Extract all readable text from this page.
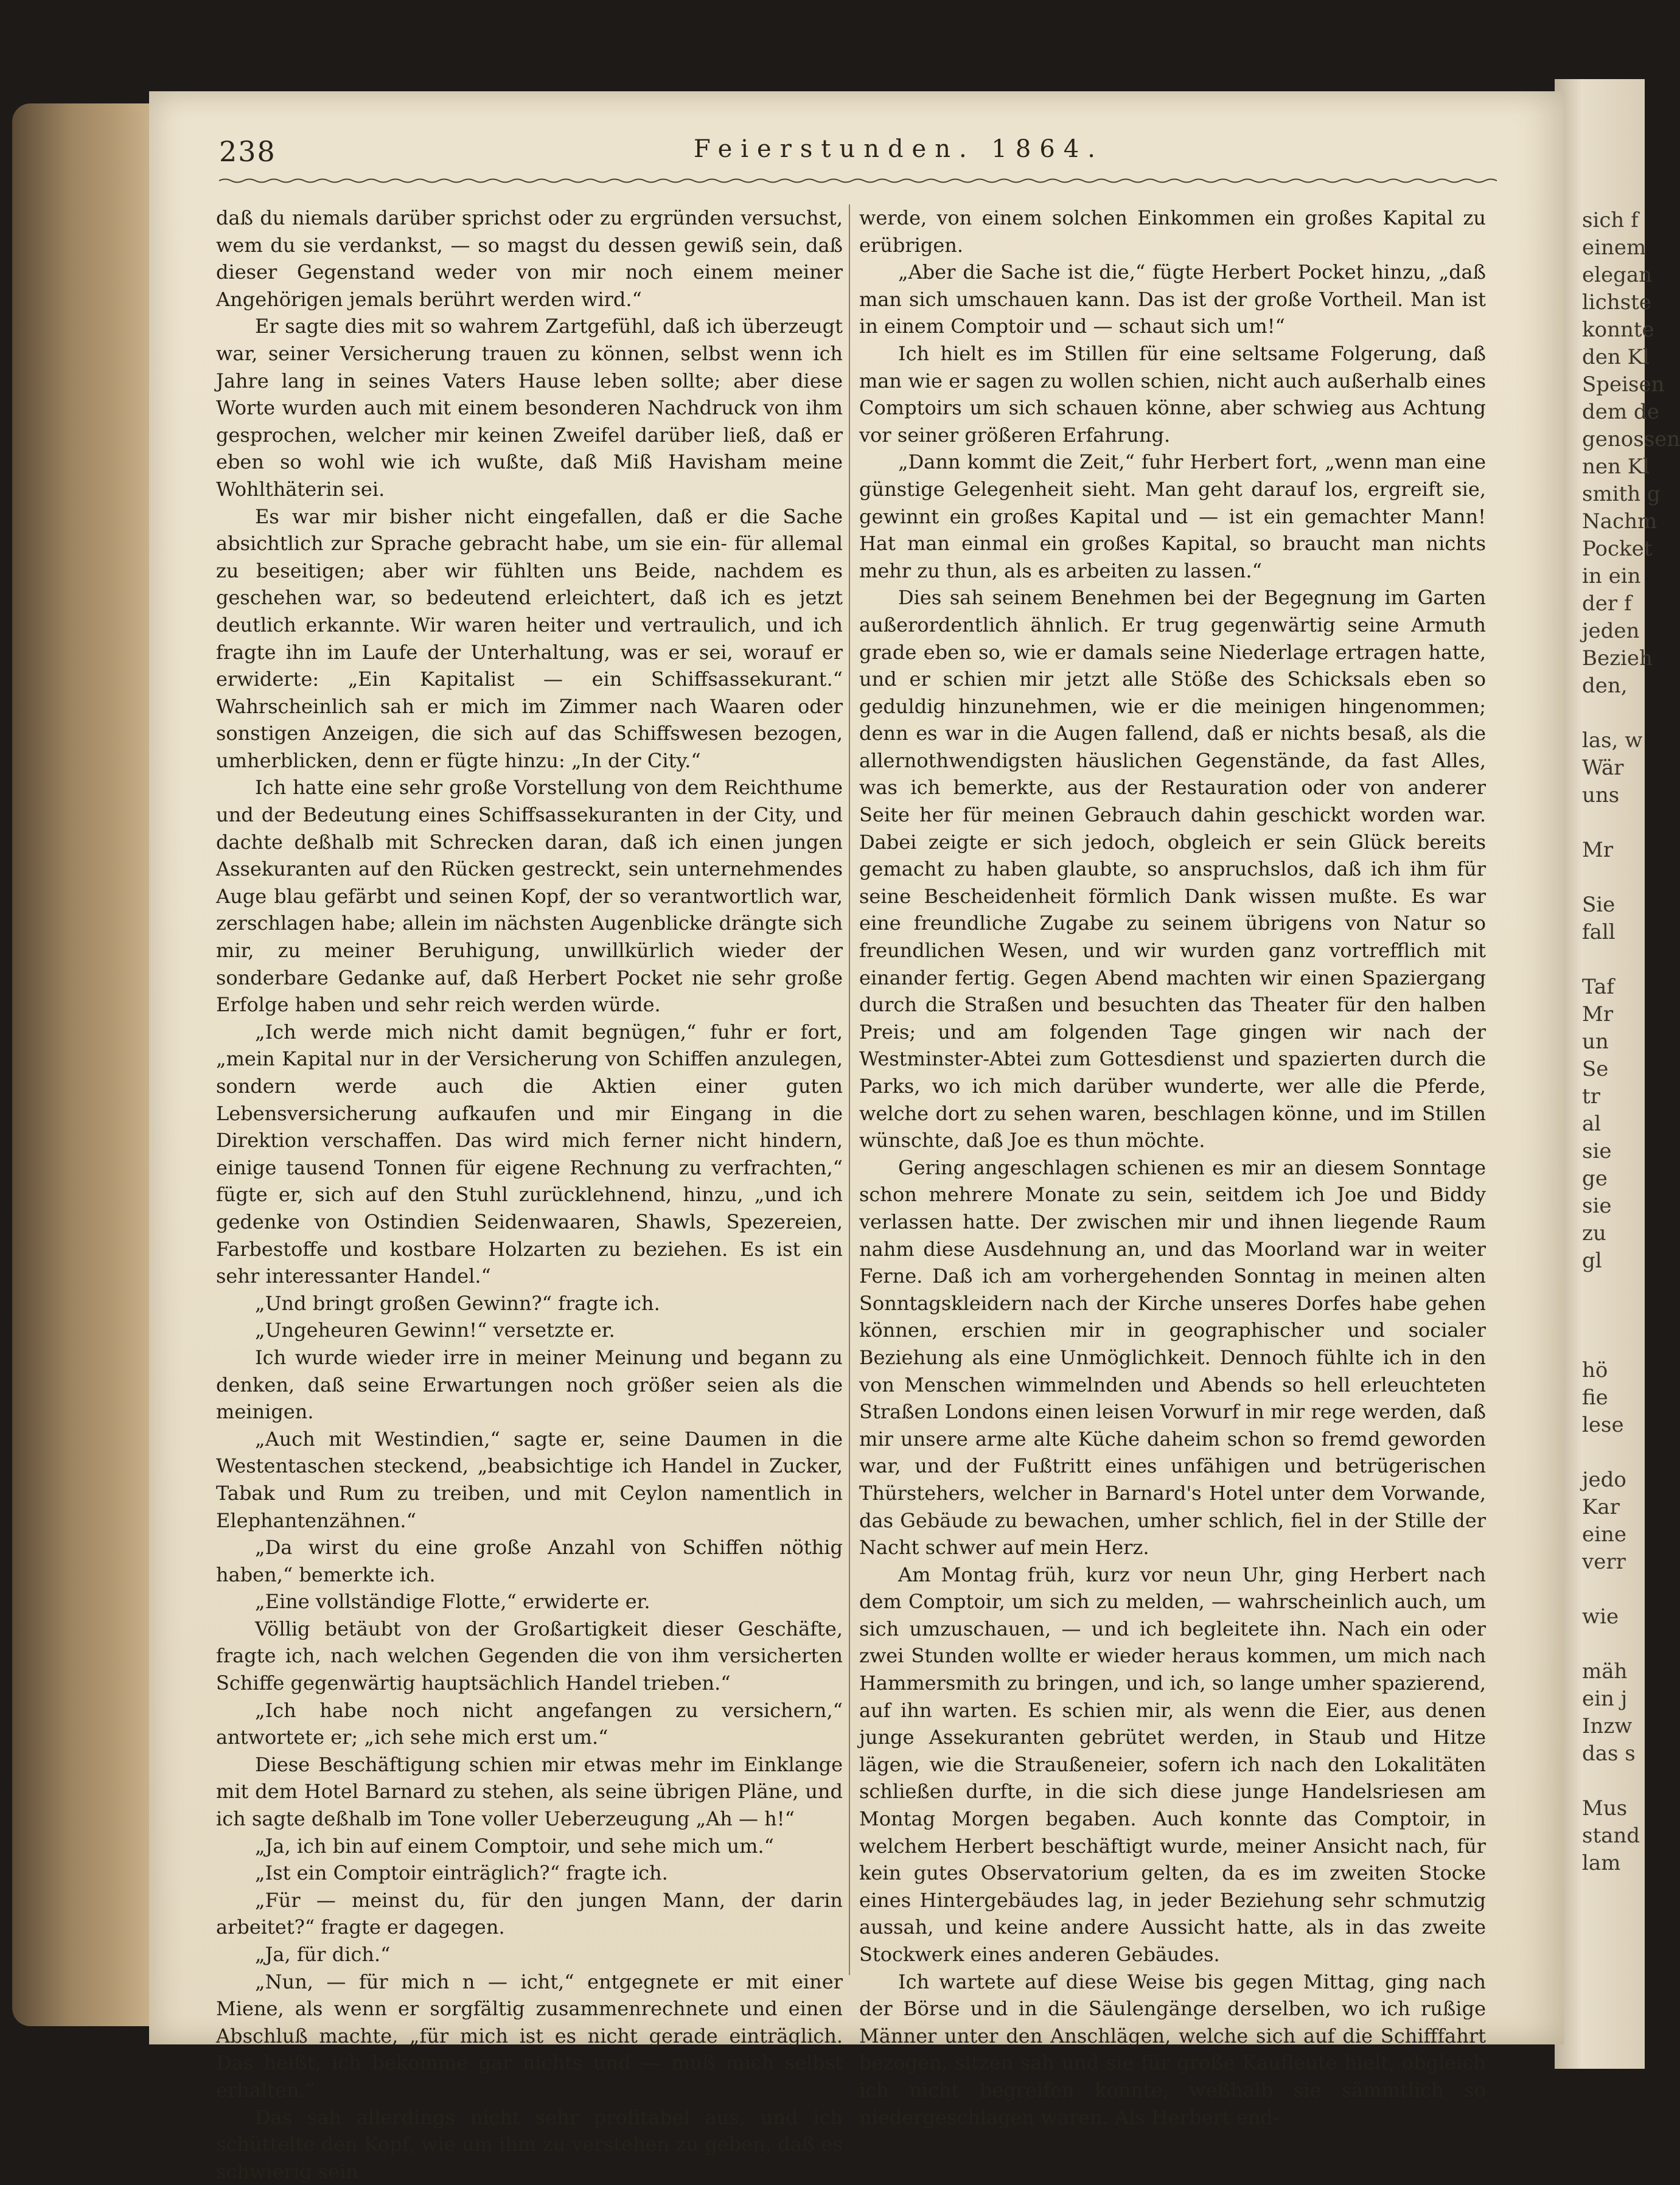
sich f
einem
elegan
lichste
konnte
den Kl
Speisen
dem de
genossen
nen Kl
smith g
Nachm
Pocket
in ein
der f
jeden
Bezieh
den,

las, w
Wär
uns

Mr

Sie
fall

Taf
Mr
un
Se
tr
al
sie
ge
sie
zu
gl

hö
fie
lese

jedo
Kar
eine
verr

wie

mäh
ein j
Inzw
das s

Mus
stand
lam
238	Feierstunden. 1864.

daß du niemals darüber sprichst oder zu ergründen versuchst, wem du sie verdankst, — so magst du dessen gewiß sein, daß dieser Gegenstand weder von mir noch einem meiner Angehörigen jemals berührt werden wird.“

Er sagte dies mit so wahrem Zartgefühl, daß ich überzeugt war, seiner Versicherung trauen zu können, selbst wenn ich Jahre lang in seines Vaters Hause leben sollte; aber diese Worte wurden auch mit einem besonderen Nachdruck von ihm gesprochen, welcher mir keinen Zweifel darüber ließ, daß er eben so wohl wie ich wußte, daß Miß Havisham meine Wohlthäterin sei.

Es war mir bisher nicht eingefallen, daß er die Sache absichtlich zur Sprache gebracht habe, um sie ein- für allemal zu beseitigen; aber wir fühlten uns Beide, nachdem es geschehen war, so bedeutend erleichtert, daß ich es jetzt deutlich erkannte. Wir waren heiter und vertraulich, und ich fragte ihn im Laufe der Unterhaltung, was er sei, worauf er erwiderte: „Ein Kapitalist — ein Schiffsassekurant.“ Wahrscheinlich sah er mich im Zimmer nach Waaren oder sonstigen Anzeigen, die sich auf das Schiffswesen bezogen, umherblicken, denn er fügte hinzu: „In der City.“

Ich hatte eine sehr große Vorstellung von dem Reichthume und der Bedeutung eines Schiffsassekuranten in der City, und dachte deßhalb mit Schrecken daran, daß ich einen jungen Assekuranten auf den Rücken gestreckt, sein unternehmendes Auge blau gefärbt und seinen Kopf, der so verantwortlich war, zerschlagen habe; allein im nächsten Augenblicke drängte sich mir, zu meiner Beruhigung, unwillkürlich wieder der sonderbare Gedanke auf, daß Herbert Pocket nie sehr große Erfolge haben und sehr reich werden würde.

„Ich werde mich nicht damit begnügen,“ fuhr er fort, „mein Kapital nur in der Versicherung von Schiffen anzulegen, sondern werde auch die Aktien einer guten Lebensversicherung aufkaufen und mir Eingang in die Direktion verschaffen. Das wird mich ferner nicht hindern, einige tausend Tonnen für eigene Rechnung zu verfrachten,“ fügte er, sich auf den Stuhl zurücklehnend, hinzu, „und ich gedenke von Ostindien Seidenwaaren, Shawls, Spezereien, Farbestoffe und kostbare Holzarten zu beziehen. Es ist ein sehr interessanter Handel.“

„Und bringt großen Gewinn?“ fragte ich.

„Ungeheuren Gewinn!“ versetzte er.

Ich wurde wieder irre in meiner Meinung und begann zu denken, daß seine Erwartungen noch größer seien als die meinigen.

„Auch mit Westindien,“ sagte er, seine Daumen in die Westentaschen steckend, „beabsichtige ich Handel in Zucker, Tabak und Rum zu treiben, und mit Ceylon namentlich in Elephantenzähnen.“

„Da wirst du eine große Anzahl von Schiffen nöthig haben,“ bemerkte ich.

„Eine vollständige Flotte,“ erwiderte er.

Völlig betäubt von der Großartigkeit dieser Geschäfte, fragte ich, nach welchen Gegenden die von ihm versicherten Schiffe gegenwärtig hauptsächlich Handel trieben.“

„Ich habe noch nicht angefangen zu versichern,“ antwortete er; „ich sehe mich erst um.“

Diese Beschäftigung schien mir etwas mehr im Einklange mit dem Hotel Barnard zu stehen, als seine übrigen Pläne, und ich sagte deßhalb im Tone voller Ueberzeugung „Ah — h!“

„Ja, ich bin auf einem Comptoir, und sehe mich um.“

„Ist ein Comptoir einträglich?“ fragte ich.

„Für — meinst du, für den jungen Mann, der darin arbeitet?“ fragte er dagegen.

„Ja, für dich.“

„Nun, — für mich n — icht,“ entgegnete er mit einer Miene, als wenn er sorgfältig zusammenrechnete und einen Abschluß machte, „für mich ist es nicht gerade einträglich. Das heißt, ich bekomme gar nichts und — muß mich selbst erhalten.“

Das sah allerdings nicht sehr profitabel aus, und ich schüttelte den Kopf, wie um ihm zu verstehen zu geben, daß es schwierig sein

werde, von einem solchen Einkommen ein großes Kapital zu erübrigen.

„Aber die Sache ist die,“ fügte Herbert Pocket hinzu, „daß man sich umschauen kann. Das ist der große Vortheil. Man ist in einem Comptoir und — schaut sich um!“

Ich hielt es im Stillen für eine seltsame Folgerung, daß man wie er sagen zu wollen schien, nicht auch außerhalb eines Comptoirs um sich schauen könne, aber schwieg aus Achtung vor seiner größeren Erfahrung.

„Dann kommt die Zeit,“ fuhr Herbert fort, „wenn man eine günstige Gelegenheit sieht. Man geht darauf los, ergreift sie, gewinnt ein großes Kapital und — ist ein gemachter Mann! Hat man einmal ein großes Kapital, so braucht man nichts mehr zu thun, als es arbeiten zu lassen.“

Dies sah seinem Benehmen bei der Begegnung im Garten außerordentlich ähnlich. Er trug gegenwärtig seine Armuth grade eben so, wie er damals seine Niederlage ertragen hatte, und er schien mir jetzt alle Stöße des Schicksals eben so geduldig hinzunehmen, wie er die meinigen hingenommen; denn es war in die Augen fallend, daß er nichts besaß, als die allernothwendigsten häuslichen Gegenstände, da fast Alles, was ich bemerkte, aus der Restauration oder von anderer Seite her für meinen Gebrauch dahin geschickt worden war. Dabei zeigte er sich jedoch, obgleich er sein Glück bereits gemacht zu haben glaubte, so anspruchslos, daß ich ihm für seine Bescheidenheit förmlich Dank wissen mußte. Es war eine freundliche Zugabe zu seinem übrigens von Natur so freundlichen Wesen, und wir wurden ganz vortrefflich mit einander fertig. Gegen Abend machten wir einen Spaziergang durch die Straßen und besuchten das Theater für den halben Preis; und am folgenden Tage gingen wir nach der Westminster-Abtei zum Gottesdienst und spazierten durch die Parks, wo ich mich darüber wunderte, wer alle die Pferde, welche dort zu sehen waren, beschlagen könne, und im Stillen wünschte, daß Joe es thun möchte.

Gering angeschlagen schienen es mir an diesem Sonntage schon mehrere Monate zu sein, seitdem ich Joe und Biddy verlassen hatte. Der zwischen mir und ihnen liegende Raum nahm diese Ausdehnung an, und das Moorland war in weiter Ferne. Daß ich am vorhergehenden Sonntag in meinen alten Sonntagskleidern nach der Kirche unseres Dorfes habe gehen können, erschien mir in geographischer und socialer Beziehung als eine Unmöglichkeit. Dennoch fühlte ich in den von Menschen wimmelnden und Abends so hell erleuchteten Straßen Londons einen leisen Vorwurf in mir rege werden, daß mir unsere arme alte Küche daheim schon so fremd geworden war, und der Fußtritt eines unfähigen und betrügerischen Thürstehers, welcher in Barnard's Hotel unter dem Vorwande, das Gebäude zu bewachen, umher schlich, fiel in der Stille der Nacht schwer auf mein Herz.

Am Montag früh, kurz vor neun Uhr, ging Herbert nach dem Comptoir, um sich zu melden, — wahrscheinlich auch, um sich umzuschauen, — und ich begleitete ihn. Nach ein oder zwei Stunden wollte er wieder heraus kommen, um mich nach Hammersmith zu bringen, und ich, so lange umher spazierend, auf ihn warten. Es schien mir, als wenn die Eier, aus denen junge Assekuranten gebrütet werden, in Staub und Hitze lägen, wie die Straußeneier, sofern ich nach den Lokalitäten schließen durfte, in die sich diese junge Handelsriesen am Montag Morgen begaben. Auch konnte das Comptoir, in welchem Herbert beschäftigt wurde, meiner Ansicht nach, für kein gutes Observatorium gelten, da es im zweiten Stocke eines Hintergebäudes lag, in jeder Beziehung sehr schmutzig aussah, und keine andere Aussicht hatte, als in das zweite Stockwerk eines anderen Gebäudes.

Ich wartete auf diese Weise bis gegen Mittag, ging nach der Börse und in die Säulengänge derselben, wo ich rußige Männer unter den Anschlägen, welche sich auf die Schifffahrt bezogen, sitzen sah und sie für große Kaufleute hielt, obgleich ich nicht begreifen konnte, weßhalb sie sämmtlich so niedergeschlagen waren. Als Herbert end-
